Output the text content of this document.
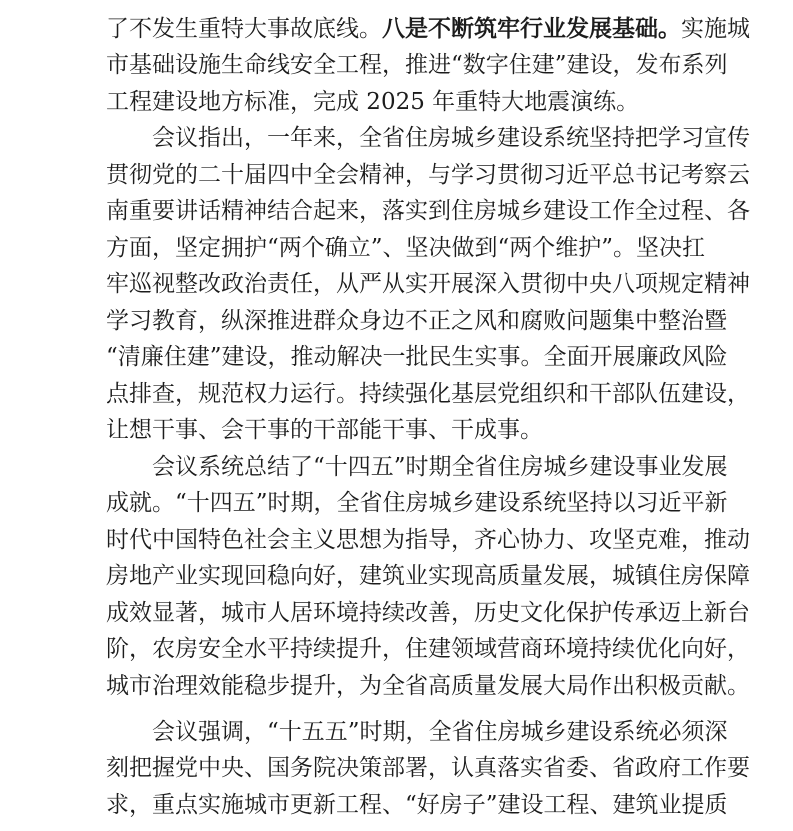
了不发生重特大事故底线。八是不断筑牢行业发展基础。实施城
市基础设施生命线安全工程，推进“数字住建”建设，发布系列
工程建设地方标准，完成 2025 年重特大地震演练。
会议指出，一年来，全省住房城乡建设系统坚持把学习宣传
贯彻党的二十届四中全会精神，与学习贯彻习近平总书记考察云
南重要讲话精神结合起来，落实到住房城乡建设工作全过程、各
方面，坚定拥护“两个确立”、坚决做到“两个维护”。坚决扛
牢巡视整改政治责任，从严从实开展深入贯彻中央八项规定精神
学习教育，纵深推进群众身边不正之风和腐败问题集中整治暨
“清廉住建”建设，推动解决一批民生实事。全面开展廉政风险
点排查，规范权力运行。持续强化基层党组织和干部队伍建设，
让想干事、会干事的干部能干事、干成事。
会议系统总结了“十四五”时期全省住房城乡建设事业发展
成就。“十四五”时期，全省住房城乡建设系统坚持以习近平新
时代中国特色社会主义思想为指导，齐心协力、攻坚克难，推动
房地产业实现回稳向好，建筑业实现高质量发展，城镇住房保障
成效显著，城市人居环境持续改善，历史文化保护传承迈上新台
阶，农房安全水平持续提升，住建领域营商环境持续优化向好，
城市治理效能稳步提升，为全省高质量发展大局作出积极贡献。
会议强调，“十五五”时期，全省住房城乡建设系统必须深
刻把握党中央、国务院决策部署，认真落实省委、省政府工作要
求，重点实施城市更新工程、“好房子”建设工程、建筑业提质
